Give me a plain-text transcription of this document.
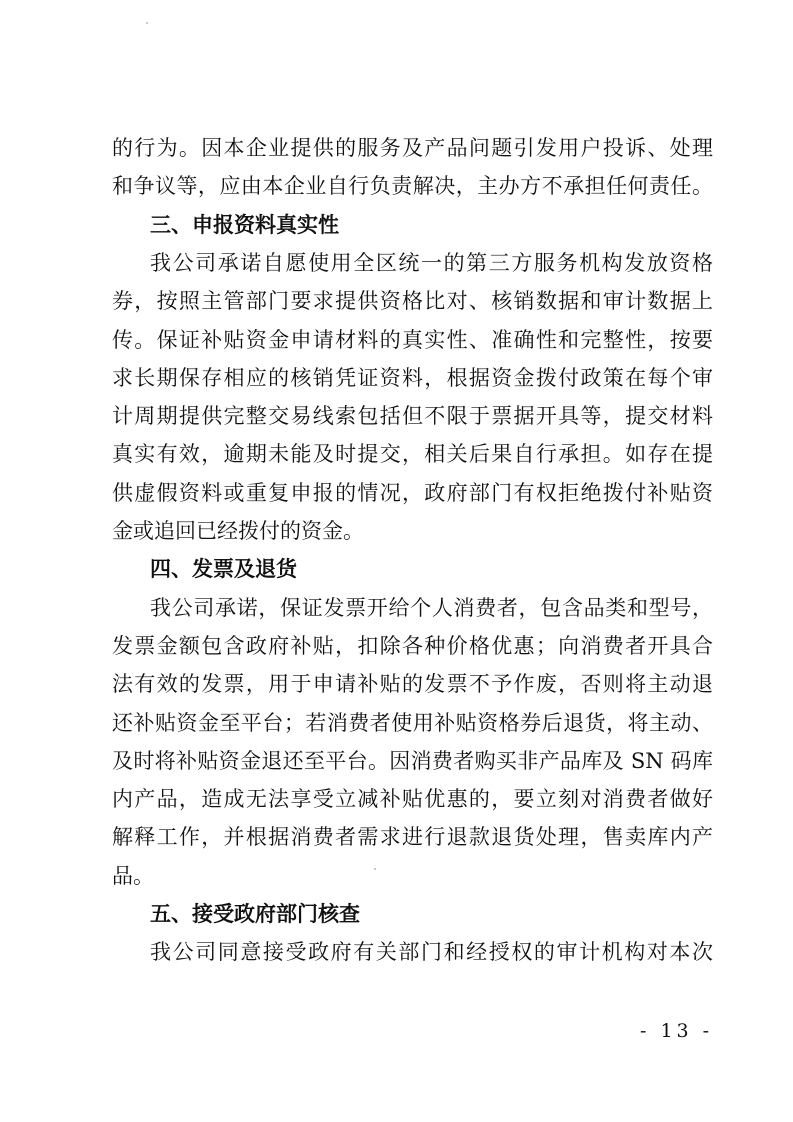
的行为。因本企业提供的服务及产品问题引发用户投诉、处理
和争议等，应由本企业自行负责解决，主办方不承担任何责任。
三、申报资料真实性
我公司承诺自愿使用全区统一的第三方服务机构发放资格
券，按照主管部门要求提供资格比对、核销数据和审计数据上
传。保证补贴资金申请材料的真实性、准确性和完整性，按要
求长期保存相应的核销凭证资料，根据资金拨付政策在每个审
计周期提供完整交易线索包括但不限于票据开具等，提交材料
真实有效，逾期未能及时提交，相关后果自行承担。如存在提
供虚假资料或重复申报的情况，政府部门有权拒绝拨付补贴资
金或追回已经拨付的资金。
四、发票及退货
我公司承诺，保证发票开给个人消费者，包含品类和型号，
发票金额包含政府补贴，扣除各种价格优惠；向消费者开具合
法有效的发票，用于申请补贴的发票不予作废，否则将主动退
还补贴资金至平台；若消费者使用补贴资格券后退货，将主动、
及时将补贴资金退还至平台。因消费者购买非产品库及 SN 码库
内产品，造成无法享受立减补贴优惠的，要立刻对消费者做好
解释工作，并根据消费者需求进行退款退货处理，售卖库内产
品。
五、接受政府部门核查
我公司同意接受政府有关部门和经授权的审计机构对本次
- 13 -
